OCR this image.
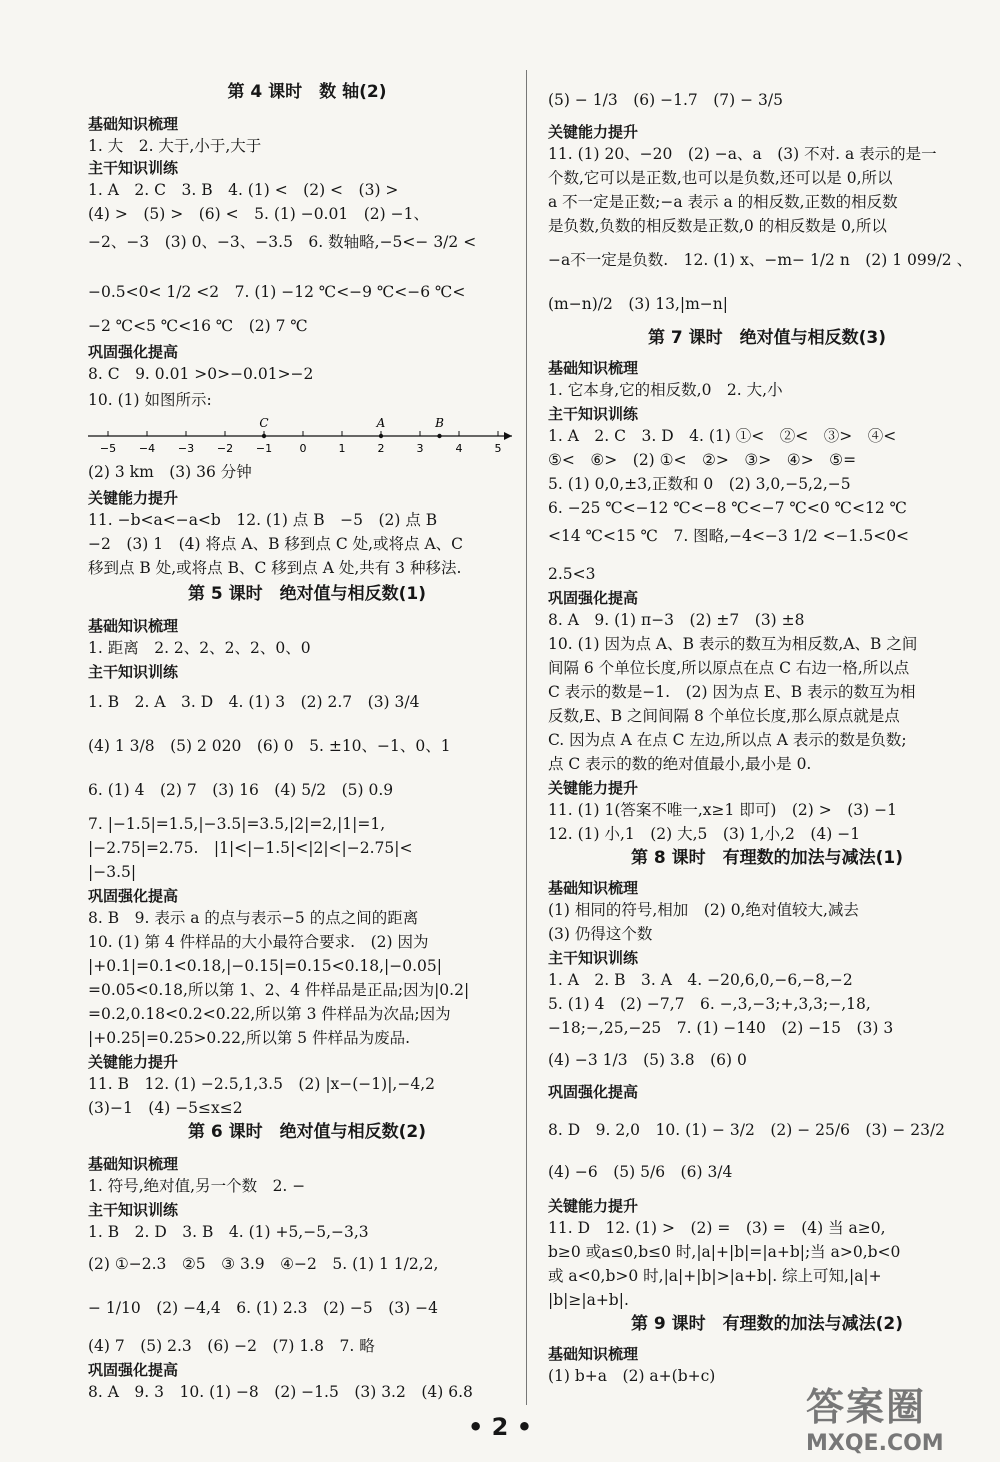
第 4 课时　数 轴(2)
基础知识梳理
1. 大　2. 大于,小于,大于
主干知识训练
1. A　2. C　3. B　4. (1) <　(2) <　(3) >
(4) >　(5) >　(6) <　5. (1) −0.01　(2) −1、
−2、−3　(3) 0、−3、−3.5　6. 数轴略,−5<− 3/2 <
−0.5<0< 1/2 <2　7. (1) −12 ℃<−9 ℃<−6 ℃<
−2 ℃<5 ℃<16 ℃　(2) 7 ℃
巩固强化提高
8. C　9. 0.01 >0>−0.01>−2
10. (1) 如图所示:
(2) 3 km　(3) 36 分钟
关键能力提升
11. −b<a<−a<b　12. (1) 点 B　−5　(2) 点 B
−2　(3) 1　(4) 将点 A、B 移到点 C 处,或将点 A、C
移到点 B 处,或将点 B、C 移到点 A 处,共有 3 种移法.
第 5 课时　绝对值与相反数(1)
基础知识梳理
1. 距离　2. 2、2、2、2、0、0
主干知识训练
1. B　2. A　3. D　4. (1) 3　(2) 2.7　(3) 3/4
(4) 1 3/8　(5) 2 020　(6) 0　5. ±10、−1、0、1
6. (1) 4　(2) 7　(3) 16　(4) 5/2　(5) 0.9
7. |−1.5|=1.5,|−3.5|=3.5,|2|=2,|1|=1,
|−2.75|=2.75.　|1|<|−1.5|<|2|<|−2.75|<
|−3.5|
巩固强化提高
8. B　9. 表示 a 的点与表示−5 的点之间的距离
10. (1) 第 4 件样品的大小最符合要求.　(2) 因为
|+0.1|=0.1<0.18,|−0.15|=0.15<0.18,|−0.05|
=0.05<0.18,所以第 1、2、4 件样品是正品;因为|0.2|
=0.2,0.18<0.2<0.22,所以第 3 件样品为次品;因为
|+0.25|=0.25>0.22,所以第 5 件样品为废品.
关键能力提升
11. B　12. (1) −2.5,1,3.5　(2) |x−(−1)|,−4,2
(3)−1　(4) −5≤x≤2
第 6 课时　绝对值与相反数(2)
基础知识梳理
1. 符号,绝对值,另一个数　2. −
主干知识训练
1. B　2. D　3. B　4. (1) +5,−5,−3,3
(2) ①−2.3　②5　③ 3.9　④−2　5. (1) 1 1/2,2,
− 1/10　(2) −4,4　6. (1) 2.3　(2) −5　(3) −4
(4) 7　(5) 2.3　(6) −2　(7) 1.8　7. 略
巩固强化提高
8. A　9. 3　10. (1) −8　(2) −1.5　(3) 3.2　(4) 6.8
−5 −4 −3 −2 −1 0	1	2	3	4	5
C	A	B
(5) − 1/3　(6) −1.7　(7) − 3/5
关键能力提升
11. (1) 20、−20　(2) −a、a　(3) 不对. a 表示的是一
个数,它可以是正数,也可以是负数,还可以是 0,所以
a 不一定是正数;−a 表示 a 的相反数,正数的相反数
是负数,负数的相反数是正数,0 的相反数是 0,所以
−a不一定是负数.　12. (1) x、−m− 1/2 n　(2) 1 099/2 、
(m−n)/2　(3) 13,|m−n|
第 7 课时　绝对值与相反数(3)
基础知识梳理
1. 它本身,它的相反数,0　2. 大,小
主干知识训练
1. A　2. C　3. D　4. (1) ①<　②<　③>　④<
⑤<　⑥>　(2) ①<　②>　③>　④>　⑤=
5. (1) 0,0,±3,正数和 0　(2) 3,0,−5,2,−5
6. −25 ℃<−12 ℃<−8 ℃<−7 ℃<0 ℃<12 ℃
<14 ℃<15 ℃　7. 图略,−4<−3 1/2 <−1.5<0<
2.5<3
巩固强化提高
8. A　9. (1) π−3　(2) ±7　(3) ±8
10. (1) 因为点 A、B 表示的数互为相反数,A、B 之间
间隔 6 个单位长度,所以原点在点 C 右边一格,所以点
C 表示的数是−1.　(2) 因为点 E、B 表示的数互为相
反数,E、B 之间间隔 8 个单位长度,那么原点就是点
C. 因为点 A 在点 C 左边,所以点 A 表示的数是负数;
点 C 表示的数的绝对值最小,最小是 0.
关键能力提升
11. (1) 1(答案不唯一,x≥1 即可)　(2) >　(3) −1
12. (1) 小,1　(2) 大,5　(3) 1,小,2　(4) −1
第 8 课时　有理数的加法与减法(1)
基础知识梳理
(1) 相同的符号,相加　(2) 0,绝对值较大,减去
(3) 仍得这个数
主干知识训练
1. A　2. B　3. A　4. −20,6,0,−6,−8,−2
5. (1) 4　(2) −7,7　6. −,3,−3;+,3,3;−,18,
−18;−,25,−25　7. (1) −140　(2) −15　(3) 3
(4) −3 1/3　(5) 3.8　(6) 0
巩固强化提高
8. D　9. 2,0　10. (1) − 3/2　(2) − 25/6　(3) − 23/2
(4) −6　(5) 5/6　(6) 3/4
关键能力提升
11. D　12. (1) >　(2) =　(3) =　(4) 当 a≥0,
b≥0 或a≤0,b≤0 时,|a|+|b|=|a+b|;当 a>0,b<0
或 a<0,b>0 时,|a|+|b|>|a+b|. 综上可知,|a|+
|b|≥|a+b|.
第 9 课时　有理数的加法与减法(2)
基础知识梳理
(1) b+a　(2) a+(b+c)
• 2 •	答案圈
MXQE.COM
